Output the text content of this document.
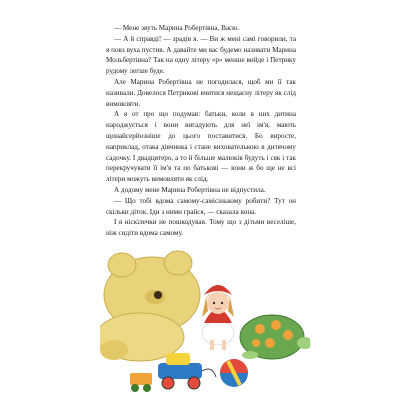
— Мене звуть Марина Робертівна, Васю.

— А й справді! — зрадів я. — Ви ж мені самі говорили, та я повз вуха пустив. А давайте ми вас будемо називати Марина Мольбертівна? Так на одну літеру «р» менше вийде і Петрику рудому легше буде.

Але Марина Робертівна не погодилася, щоб ми її так називали. Довелося Петрикові вчитися нещасну літеру як слід вимовляти.

А я от про що подумав: батьки, коли в них дитина народжується і вони вигадують для неї ім'я, мають щонайсерйозніше до цього поставитися. Бо виросте, наприклад, отака дівчинка і стане вихователькою в дитячому садочку. І двадцятеро, а то й більше малюків будуть і сяк і так перекручувати її ім'я та по батькові — вони ж бо ще не всі літери можуть вимовляти як слід.

А додому мене Марина Робертівна не відпустила.

— Що тобі вдома самому-самісінькому робити? Тут он скільки діток. Іди з ними грайся, — сказала вона.

І я ніскілечки не пошкодував. Тому що з дітьми веселіше, ніж сидіти вдома самому.
